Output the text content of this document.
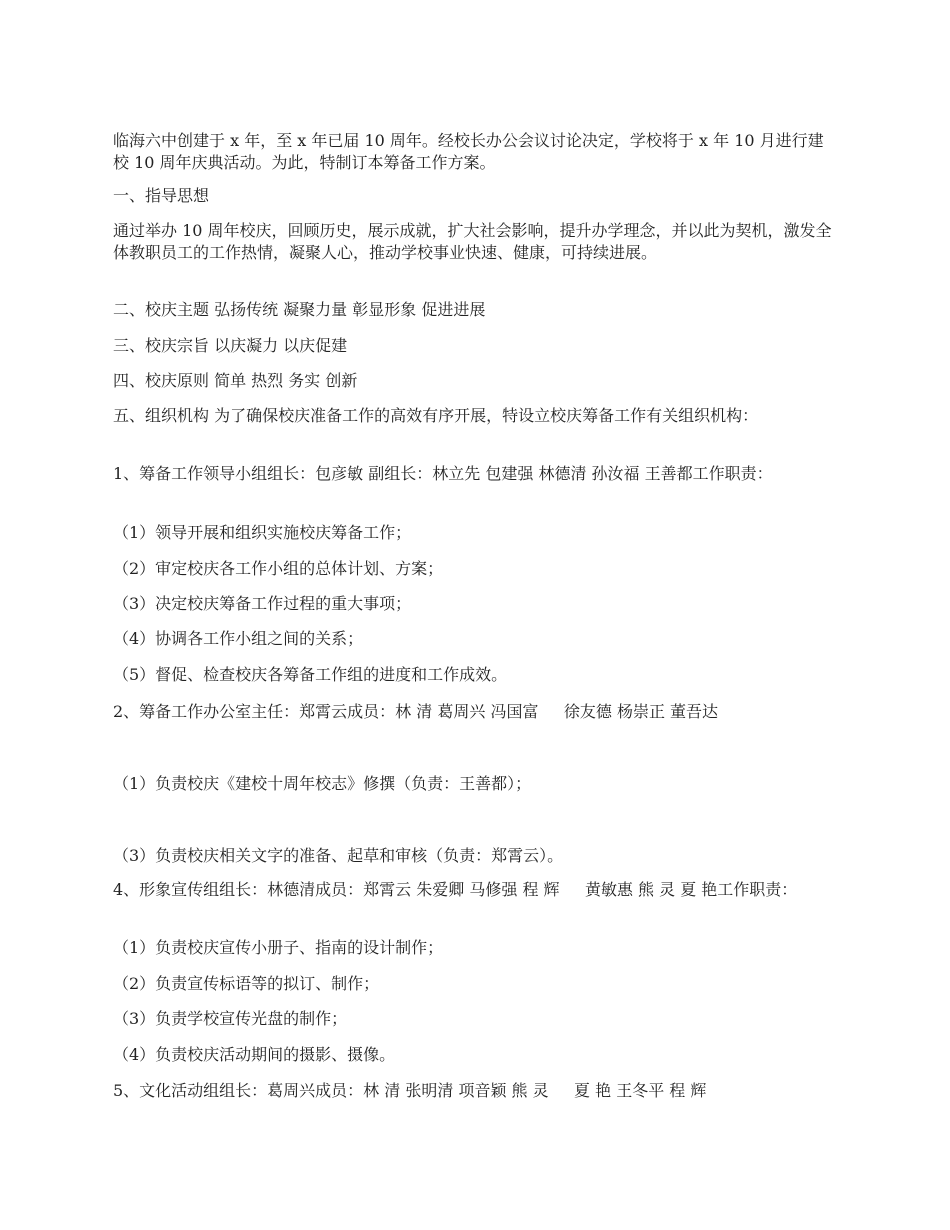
临海六中创建于 x 年，至 x 年已届 10 周年。经校长办公会议讨论决定，学校将于 x 年 10 月进行建校 10 周年庆典活动。为此，特制订本筹备工作方案。

一、指导思想

通过举办 10 周年校庆，回顾历史，展示成就，扩大社会影响，提升办学理念，并以此为契机，激发全体教职员工的工作热情，凝聚人心，推动学校事业快速、健康，可持续进展。

二、校庆主题 弘扬传统 凝聚力量 彰显形象 促进进展

三、校庆宗旨 以庆凝力 以庆促建

四、校庆原则 简单 热烈 务实 创新

五、组织机构 为了确保校庆准备工作的高效有序开展，特设立校庆筹备工作有关组织机构：

1、筹备工作领导小组组长：包彦敏 副组长：林立先 包建强 林德清 孙汝福 王善都工作职责：

（1）领导开展和组织实施校庆筹备工作；

（2）审定校庆各工作小组的总体计划、方案；

（3）决定校庆筹备工作过程的重大事项；

（4）协调各工作小组之间的关系；

（5）督促、检查校庆各筹备工作组的进度和工作成效。

2、筹备工作办公室主任：郑霄云成员：林 清 葛周兴 冯国富     徐友德 杨崇正 董吾达

（1）负责校庆《建校十周年校志》修撰（负责：王善都）；

（3）负责校庆相关文字的准备、起草和审核（负责：郑霄云）。

4、形象宣传组组长：林德清成员：郑霄云 朱爱卿 马修强 程 辉     黄敏惠 熊 灵 夏 艳工作职责：

（1）负责校庆宣传小册子、指南的设计制作；

（2）负责宣传标语等的拟订、制作；

（3）负责学校宣传光盘的制作；

（4）负责校庆活动期间的摄影、摄像。

5、文化活动组组长：葛周兴成员：林 清 张明清 项音颖 熊 灵     夏 艳 王冬平 程 辉
